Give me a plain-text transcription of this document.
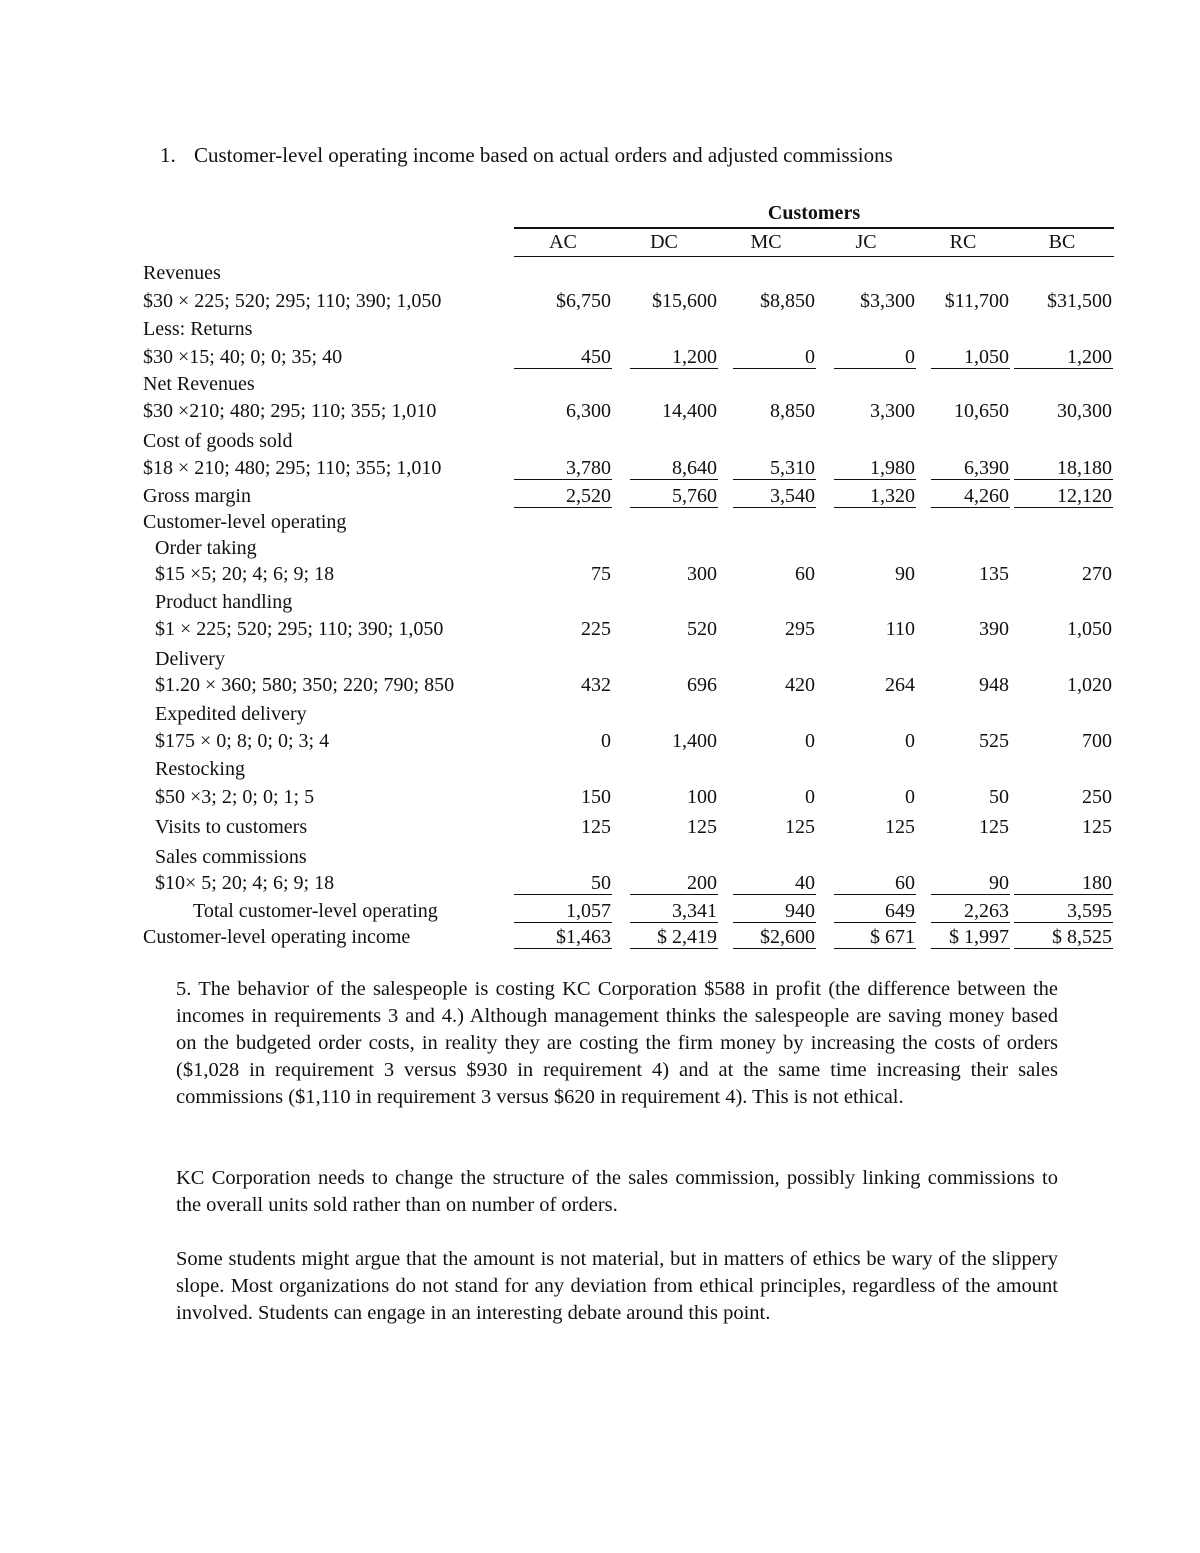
1. Customer-level operating income based on actual orders and adjusted commissions
Customers
AC	DC	MC	JC	RC	BC
Revenues
$30 × 225; 520; 295; 110; 390; 1,050	$6,750	$15,600	$8,850	$3,300	$11,700	$31,500
Less: Returns
$30 ×15; 40; 0; 0; 35; 40	450	1,200	0	0	1,050	1,200
Net Revenues
$30 ×210; 480; 295; 110; 355; 1,010	6,300	14,400	8,850	3,300	10,650	30,300
Cost of goods sold
$18 × 210; 480; 295; 110; 355; 1,010	3,780	8,640	5,310	1,980	6,390	18,180
Gross margin	2,520	5,760	3,540	1,320	4,260	12,120
Customer-level operating
Order taking
$15 ×5; 20; 4; 6; 9; 18	75	300	60	90	135	270
Product handling
$1 × 225; 520; 295; 110; 390; 1,050	225	520	295	110	390	1,050
Delivery
$1.20 × 360; 580; 350; 220; 790; 850	432	696	420	264	948	1,020
Expedited delivery
$175 × 0; 8; 0; 0; 3; 4	0	1,400	0	0	525	700
Restocking
$50 ×3; 2; 0; 0; 1; 5	150	100	0	0	50	250
Visits to customers	125	125	125	125	125	125
Sales commissions
$10× 5; 20; 4; 6; 9; 18	50	200	40	60	90	180
Total customer-level operating	1,057	3,341	940	649	2,263	3,595
Customer-level operating income	$1,463	$ 2,419	$2,600	$ 671	$ 1,997	$ 8,525
5. The behavior of the salespeople is costing KC Corporation $588 in profit (the difference between the incomes in requirements 3 and 4.) Although management thinks the salespeople are saving money based on the budgeted order costs, in reality they are costing the firm money by increasing the costs of orders ($1,028 in requirement 3 versus $930 in requirement 4) and at the same time increasing their sales commissions ($1,110 in requirement 3 versus $620 in requirement 4). This is not ethical.
KC Corporation needs to change the structure of the sales commission, possibly linking commissions to the overall units sold rather than on number of orders.
Some students might argue that the amount is not material, but in matters of ethics be wary of the slippery slope. Most organizations do not stand for any deviation from ethical principles, regardless of the amount involved. Students can engage in an interesting debate around this point.
